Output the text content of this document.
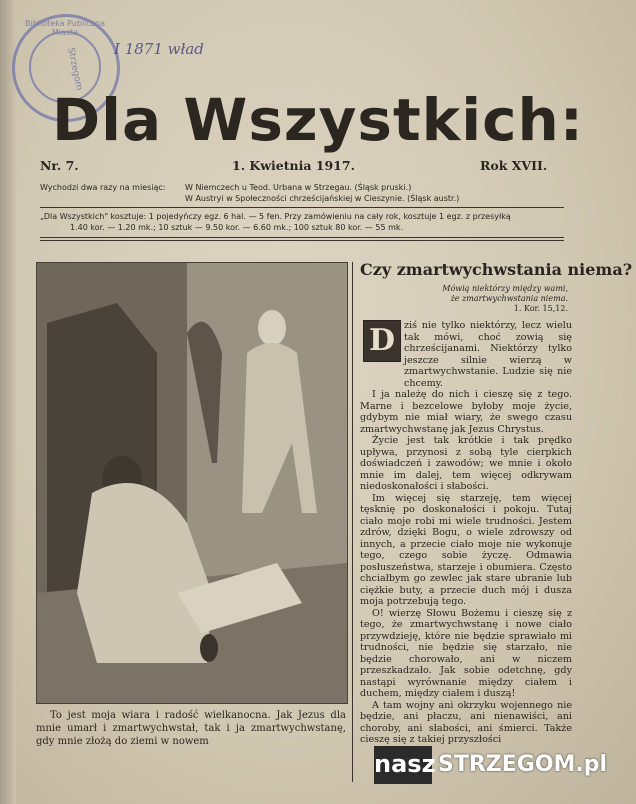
Biblioteka Publiczna Miasta
Strzegom I 1871 wład
Dla Wszystkich:
Nr. 7.	1. Kwietnia 1917.	Rok XVII.
Wychodzi dwa razy na miesiąc: W Niemczech u Teod. Urbana w Strzegau. (Śląsk pruski.)
W Austryi w Społeczności chrześcijańskiej w Cieszynie. (Śląsk austr.)
„Dla Wszystkich" kosztuje: 1 pojedyńczy egz. 6 hal. — 5 fen. Przy zamówieniu na cały rok, kosztuje 1 egz. z przesyłką
1.40 kor. — 1.20 mk.; 10 sztuk — 9.50 kor. — 6.60 mk.; 100 sztuk 80 kor. — 55 mk.

To jest moja wiara i radość wielkanocna. Jak Jezus dla mnie umarł i zmartwychwstał, tak i ja zmartwychwstanę, gdy mnie złożą do ziemi w nowem

Czy zmartwychwstania niema?
Mówią niektórzy między wami,
że zmartwychwstania niema.
1. Kor. 15,12.

ziś nie tylko niektórzy, lecz wielu tak mówi, choć zowią się chrześcijanami. Niektórzy tylko jeszcze silnie wierzą w zmartwychwstanie. Ludzie się nie chcemy.

I ja należę do nich i cieszę się z tego. Marne i bezcelowe byłoby moje życie, gdybym nie miał wiary, że swego czasu zmartwychwstanę jak Jezus Chrystus.

Życie jest tak krótkie i tak prędko upływa, przynosi z sobą tyle cierpkich doświadczeń i zawodów; we mnie i około mnie im dalej, tem więcej odkrywam niedoskonałości i słabości.

Im więcej się starzeję, tem więcej tęsknię po doskonałości i pokoju. Tutaj ciało moje robi mi wiele trudności. Jestem zdrów, dzięki Bogu, o wiele zdrowszy od innych, a przecie ciało moje nie wykonuje tego, czego sobie życzę. Odmawia posłuszeństwa, starzeje i obumiera. Często chciałbym go zewlec jak stare ubranie lub ciężkie buty, a przecie duch mój i dusza moja potrzebują tego.

O! wierzę Słowu Bożemu i cieszę się z tego, że zmartwychwstanę i nowe ciało przywdzieję, które nie będzie sprawiało mi trudności, nie będzie się starzało, nie będzie chorowało, ani w niczem przeszkadzało. Jak sobie odetchnę, gdy nastąpi wyrównanie między ciałem i duchem, między ciałem i duszą!

A tam wojny ani okrzyku wojennego nie będzie, ani płaczu, ani nienawiści, ani choroby, ani słabości, ani śmierci. Także cieszę się z takiej przyszłości

D
nasz STRZEGOM.pl
